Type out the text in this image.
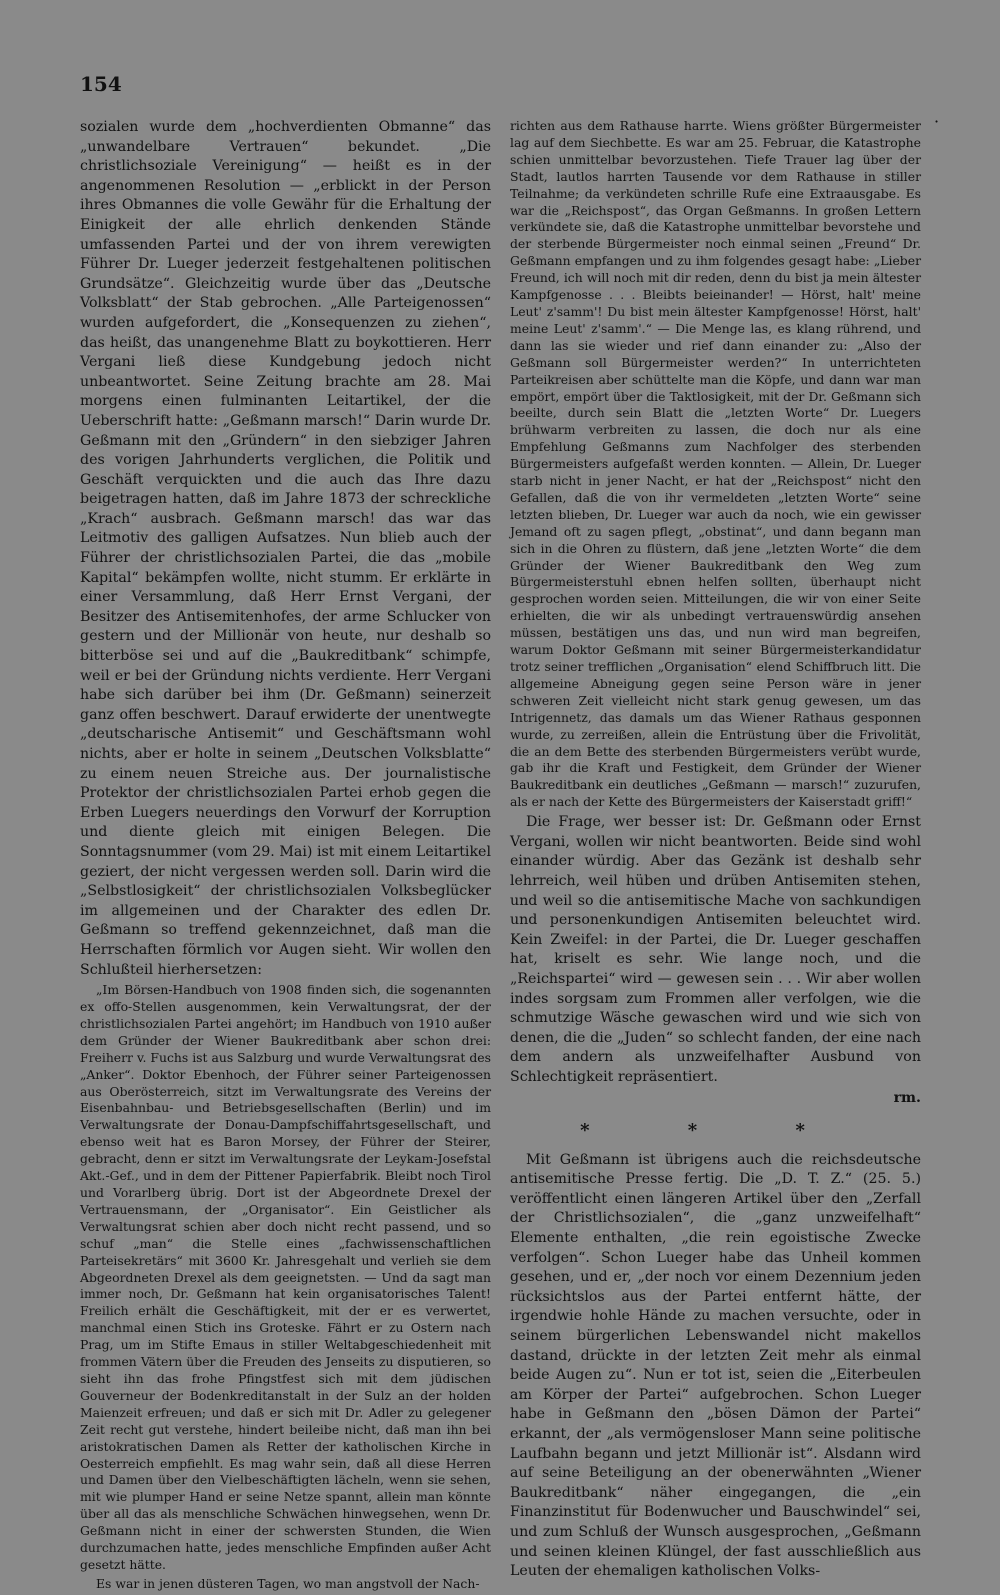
154
·

sozialen wurde dem „hochverdienten Obmanne“ das „unwandelbare Vertrauen“ bekundet. „Die christlichsoziale Vereinigung“ — heißt es in der angenommenen Resolution — „erblickt in der Person ihres Obmannes die volle Gewähr für die Erhaltung der Einigkeit der alle ehrlich denkenden Stände umfassenden Partei und der von ihrem verewigten Führer Dr. Lueger jederzeit festgehaltenen politischen Grundsätze“. Gleichzeitig wurde über das „Deutsche Volksblatt“ der Stab gebrochen. „Alle Parteigenossen“ wurden aufgefordert, die „Konsequenzen zu ziehen“, das heißt, das unangenehme Blatt zu boykottieren. Herr Vergani ließ diese Kundgebung jedoch nicht unbeantwortet. Seine Zeitung brachte am 28. Mai morgens einen fulminanten Leitartikel, der die Ueberschrift hatte: „Geßmann marsch!“ Darin wurde Dr. Geßmann mit den „Gründern“ in den siebziger Jahren des vorigen Jahrhunderts verglichen, die Politik und Geschäft verquickten und die auch das Ihre dazu beigetragen hatten, daß im Jahre 1873 der schreckliche „Krach“ ausbrach. Geßmann marsch! das war das Leitmotiv des galligen Aufsatzes. Nun blieb auch der Führer der christlichsozialen Partei, die das „mobile Kapital“ bekämpfen wollte, nicht stumm. Er erklärte in einer Versammlung, daß Herr Ernst Vergani, der Besitzer des Antisemitenhofes, der arme Schlucker von gestern und der Millionär von heute, nur deshalb so bitterböse sei und auf die „Baukreditbank“ schimpfe, weil er bei der Gründung nichts verdiente. Herr Vergani habe sich darüber bei ihm (Dr. Geßmann) seinerzeit ganz offen beschwert. Darauf erwiderte der unentwegte „deutscharische Antisemit“ und Geschäftsmann wohl nichts, aber er holte in seinem „Deutschen Volksblatte“ zu einem neuen Streiche aus. Der journalistische Protektor der christlichsozialen Partei erhob gegen die Erben Luegers neuerdings den Vorwurf der Korruption und diente gleich mit einigen Belegen. Die Sonntagsnummer (vom 29. Mai) ist mit einem Leitartikel geziert, der nicht vergessen werden soll. Darin wird die „Selbstlosigkeit“ der christlichsozialen Volksbeglücker im allgemeinen und der Charakter des edlen Dr. Geßmann so treffend gekennzeichnet, daß man die Herrschaften förmlich vor Augen sieht. Wir wollen den Schlußteil hierhersetzen:

„Im Börsen-Handbuch von 1908 finden sich, die sogenannten ex offo-Stellen ausgenommen, kein Verwaltungsrat, der der christlichsozialen Partei angehört; im Handbuch von 1910 außer dem Gründer der Wiener Baukreditbank aber schon drei: Freiherr v. Fuchs ist aus Salzburg und wurde Verwaltungsrat des „Anker“. Doktor Ebenhoch, der Führer seiner Parteigenossen aus Oberösterreich, sitzt im Verwaltungsrate des Vereins der Eisenbahnbau- und Betriebsgesellschaften (Berlin) und im Verwaltungsrate der Donau-Dampfschiffahrtsgesellschaft, und ebenso weit hat es Baron Morsey, der Führer der Steirer, gebracht, denn er sitzt im Verwaltungsrate der Leykam-Josefstal Akt.-Gef., und in dem der Pittener Papierfabrik. Bleibt noch Tirol und Vorarlberg übrig. Dort ist der Abgeordnete Drexel der Vertrauensmann, der „Organisator“. Ein Geistlicher als Verwaltungsrat schien aber doch nicht recht passend, und so schuf „man“ die Stelle eines „fachwissenschaftlichen Parteisekretärs“ mit 3600 Kr. Jahresgehalt und verlieh sie dem Abgeordneten Drexel als dem geeignetsten. — Und da sagt man immer noch, Dr. Geßmann hat kein organisatorisches Talent! Freilich erhält die Geschäftigkeit, mit der er es verwertet, manchmal einen Stich ins Groteske. Fährt er zu Ostern nach Prag, um im Stifte Emaus in stiller Weltabgeschiedenheit mit frommen Vätern über die Freuden des Jenseits zu disputieren, so sieht ihn das frohe Pfingstfest sich mit dem jüdischen Gouverneur der Bodenkreditanstalt in der Sulz an der holden Maienzeit erfreuen; und daß er sich mit Dr. Adler zu gelegener Zeit recht gut verstehe, hindert beileibe nicht, daß man ihn bei aristokratischen Damen als Retter der katholischen Kirche in Oesterreich empfiehlt. Es mag wahr sein, daß all diese Herren und Damen über den Vielbeschäftigten lächeln, wenn sie sehen, mit wie plumper Hand er seine Netze spannt, allein man könnte über all das als menschliche Schwächen hinwegsehen, wenn Dr. Geßmann nicht in einer der schwersten Stunden, die Wien durchzumachen hatte, jedes menschliche Empfinden außer Acht gesetzt hätte.

Es war in jenen düsteren Tagen, wo man angstvoll der Nach-

richten aus dem Rathause harrte. Wiens größter Bürgermeister lag auf dem Siechbette. Es war am 25. Februar, die Katastrophe schien unmittelbar bevorzustehen. Tiefe Trauer lag über der Stadt, lautlos harrten Tausende vor dem Rathause in stiller Teilnahme; da verkündeten schrille Rufe eine Extraausgabe. Es war die „Reichspost“, das Organ Geßmanns. In großen Lettern verkündete sie, daß die Katastrophe unmittelbar bevorstehe und der sterbende Bürgermeister noch einmal seinen „Freund“ Dr. Geßmann empfangen und zu ihm folgendes gesagt habe: „Lieber Freund, ich will noch mit dir reden, denn du bist ja mein ältester Kampfgenosse . . . Bleibts beieinander! — Hörst, halt' meine Leut' z'samm'! Du bist mein ältester Kampfgenosse! Hörst, halt' meine Leut' z'samm'.“ — Die Menge las, es klang rührend, und dann las sie wieder und rief dann einander zu: „Also der Geßmann soll Bürgermeister werden?“ In unterrichteten Parteikreisen aber schüttelte man die Köpfe, und dann war man empört, empört über die Taktlosigkeit, mit der Dr. Geßmann sich beeilte, durch sein Blatt die „letzten Worte“ Dr. Luegers brühwarm verbreiten zu lassen, die doch nur als eine Empfehlung Geßmanns zum Nachfolger des sterbenden Bürgermeisters aufgefaßt werden konnten. — Allein, Dr. Lueger starb nicht in jener Nacht, er hat der „Reichspost“ nicht den Gefallen, daß die von ihr vermeldeten „letzten Worte“ seine letzten blieben, Dr. Lueger war auch da noch, wie ein gewisser Jemand oft zu sagen pflegt, „obstinat“, und dann begann man sich in die Ohren zu flüstern, daß jene „letzten Worte“ die dem Gründer der Wiener Baukreditbank den Weg zum Bürgermeisterstuhl ebnen helfen sollten, überhaupt nicht gesprochen worden seien. Mitteilungen, die wir von einer Seite erhielten, die wir als unbedingt vertrauenswürdig ansehen müssen, bestätigen uns das, und nun wird man begreifen, warum Doktor Geßmann mit seiner Bürgermeisterkandidatur trotz seiner trefflichen „Organisation“ elend Schiffbruch litt. Die allgemeine Abneigung gegen seine Person wäre in jener schweren Zeit vielleicht nicht stark genug gewesen, um das Intrigennetz, das damals um das Wiener Rathaus gesponnen wurde, zu zerreißen, allein die Entrüstung über die Frivolität, die an dem Bette des sterbenden Bürgermeisters verübt wurde, gab ihr die Kraft und Festigkeit, dem Gründer der Wiener Baukreditbank ein deutliches „Geßmann — marsch!“ zuzurufen, als er nach der Kette des Bürgermeisters der Kaiserstadt griff!“

Die Frage, wer besser ist: Dr. Geßmann oder Ernst Vergani, wollen wir nicht beantworten. Beide sind wohl einander würdig. Aber das Gezänk ist deshalb sehr lehrreich, weil hüben und drüben Antisemiten stehen, und weil so die antisemitische Mache von sachkundigen und personenkundigen Antisemiten beleuchtet wird. Kein Zweifel: in der Partei, die Dr. Lueger geschaffen hat, kriselt es sehr. Wie lange noch, und die „Reichspartei“ wird — gewesen sein . . . Wir aber wollen indes sorgsam zum Frommen aller verfolgen, wie die schmutzige Wäsche gewaschen wird und wie sich von denen, die die „Juden“ so schlecht fanden, der eine nach dem andern als unzweifelhafter Ausbund von Schlechtigkeit repräsentiert.

rm.
* * *

Mit Geßmann ist übrigens auch die reichsdeutsche antisemitische Presse fertig. Die „D. T. Z.“ (25. 5.) veröffentlicht einen längeren Artikel über den „Zerfall der Christlichsozialen“, die „ganz unzweifelhaft“ Elemente enthalten, „die rein egoistische Zwecke verfolgen“. Schon Lueger habe das Unheil kommen gesehen, und er, „der noch vor einem Dezennium jeden rücksichtslos aus der Partei entfernt hätte, der irgendwie hohle Hände zu machen versuchte, oder in seinem bürgerlichen Lebenswandel nicht makellos dastand, drückte in der letzten Zeit mehr als einmal beide Augen zu“. Nun er tot ist, seien die „Eiterbeulen am Körper der Partei“ aufgebrochen. Schon Lueger habe in Geßmann den „bösen Dämon der Partei“ erkannt, der „als vermögensloser Mann seine politische Laufbahn begann und jetzt Millionär ist“. Alsdann wird auf seine Beteiligung an der obenerwähnten „Wiener Baukreditbank“ näher eingegangen, die „ein Finanzinstitut für Bodenwucher und Bauschwindel“ sei, und zum Schluß der Wunsch ausgesprochen, „Geßmann und seinen kleinen Klüngel, der fast ausschließlich aus Leuten der ehemaligen katholischen Volks-
